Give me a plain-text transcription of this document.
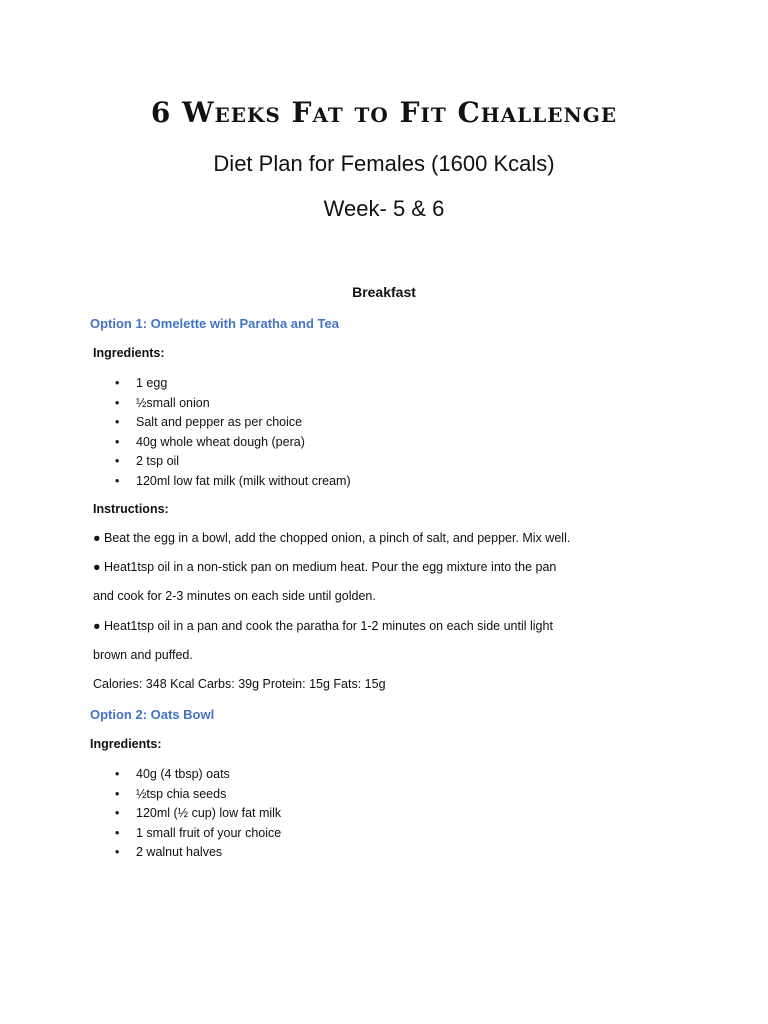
6 Weeks Fat to Fit Challenge
Diet Plan for Females (1600 Kcals)
Week- 5 & 6
Breakfast
Option 1: Omelette with Paratha and Tea
Ingredients:
• 1 egg
• ½small onion
• Salt and pepper as per choice
• 40g whole wheat dough (pera)
• 2 tsp oil
• 120ml low fat milk (milk without cream)
Instructions:
● Beat the egg in a bowl, add the chopped onion, a pinch of salt, and pepper. Mix well.
● Heat1tsp oil in a non-stick pan on medium heat. Pour the egg mixture into the pan
and cook for 2-3 minutes on each side until golden.
● Heat1tsp oil in a pan and cook the paratha for 1-2 minutes on each side until light
brown and puffed.
Calories: 348 Kcal Carbs: 39g Protein: 15g Fats: 15g
Option 2: Oats Bowl
Ingredients:
• 40g (4 tbsp) oats
• ½tsp chia seeds
• 120ml (½ cup) low fat milk
• 1 small fruit of your choice
• 2 walnut halves
